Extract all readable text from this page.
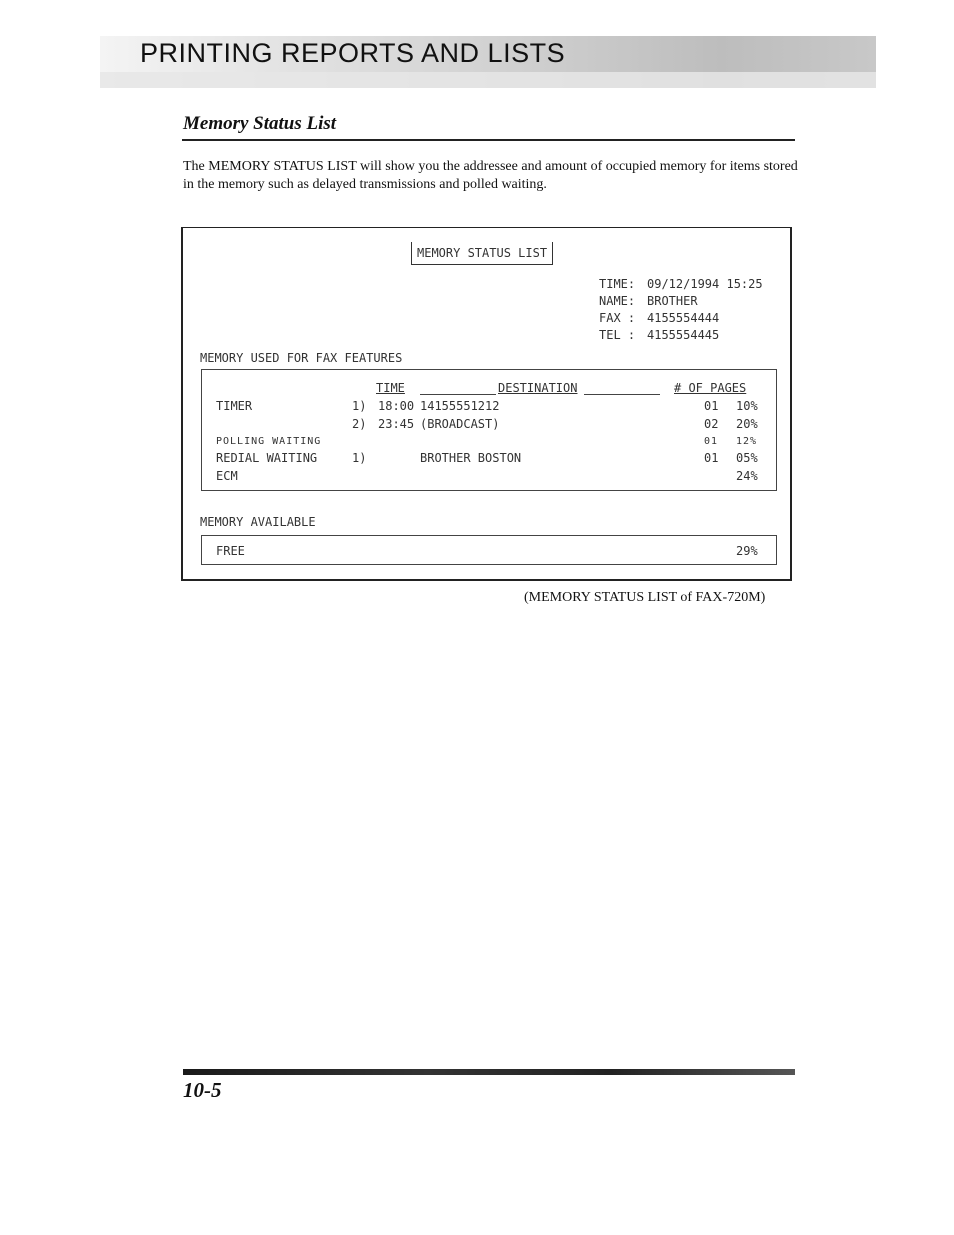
PRINTING REPORTS AND LISTS
Memory Status List
The MEMORY STATUS LIST will show you the addressee and amount of occupied memory for items stored in the memory such as delayed transmissions and polled waiting.
MEMORY STATUS LIST
TIME: 09/12/1994 15:25
NAME: BROTHER
FAX : 4155554444
TEL : 4155554445
MEMORY USED FOR FAX FEATURES
TIME	DESTINATION	# OF PAGES
TIMER	1) 18:00 14155551212	01 10%
2) 23:45 (BROADCAST)	02 20%
POLLING WAITING	01 12%
REDIAL WAITING	1)	BROTHER BOSTON	01 05%
ECM	24%
MEMORY AVAILABLE
FREE	29%
(MEMORY STATUS LIST of FAX-720M)
10-5
